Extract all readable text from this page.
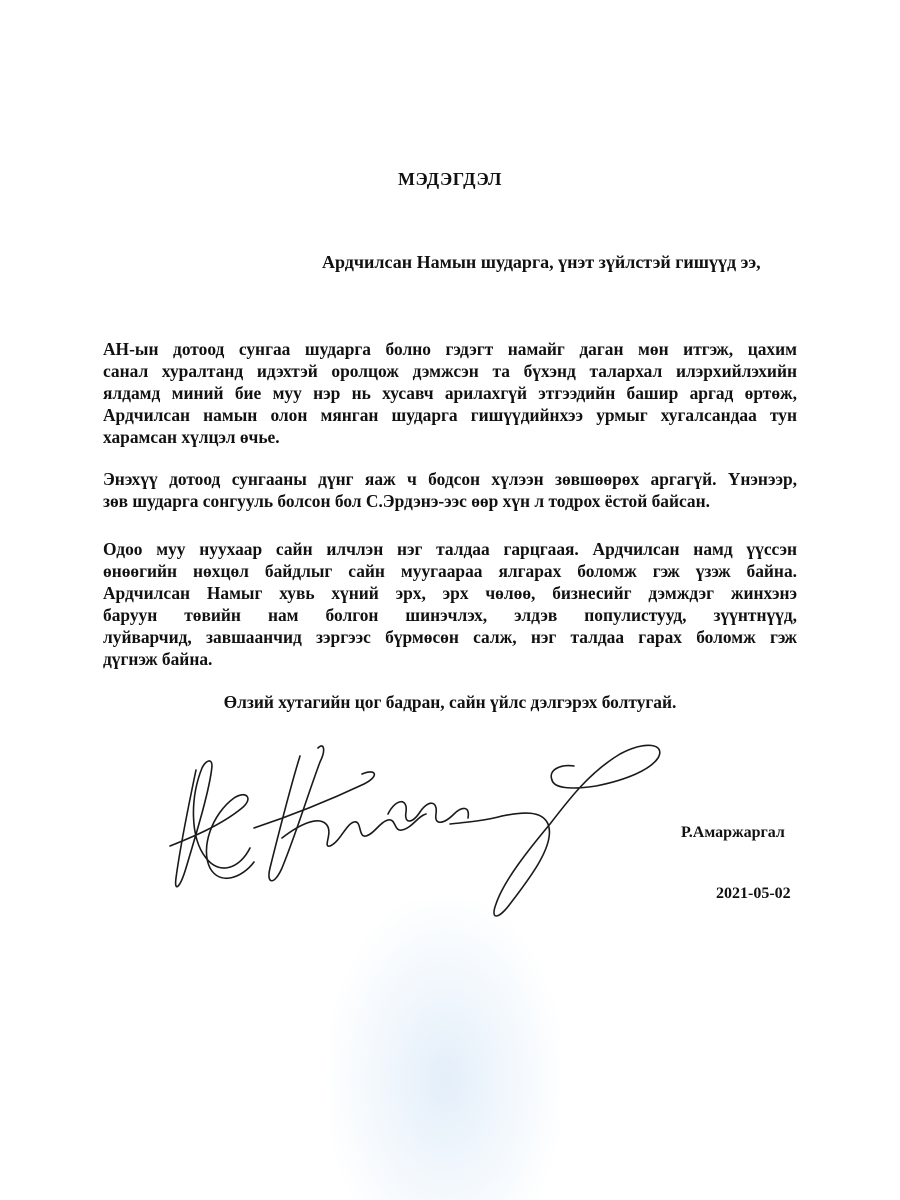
МЭДЭГДЭЛ
Ардчилсан Намын шударга, үнэт зүйлстэй гишүүд ээ,

АН-ын дотоод сунгаа шударга болно гэдэгт намайг даган мөн итгэж, цахим
санал хуралтанд идэхтэй оролцож дэмжсэн та бүхэнд талархал илэрхийлэхийн
ялдамд миний бие муу нэр нь хусавч арилахгүй этгээдийн башир аргад өртөж,
Ардчилсан намын олон мянган шударга гишүүдийнхээ урмыг хугалсандаа тун
харамсан хүлцэл өчье.

Энэхүү дотоод сунгааны дүнг яаж ч бодсон хүлээн зөвшөөрөх аргагүй. Үнэнээр,
зөв шударга сонгууль болсон бол С.Эрдэнэ-ээс өөр хүн л тодрох ёстой байсан.

Одоо муу нуухаар сайн илчлэн нэг талдаа гарцгаая. Ардчилсан намд үүссэн
өнөөгийн нөхцөл байдлыг сайн муугаараа ялгарах боломж гэж үзэж байна.
Ардчилсан Намыг хувь хүний эрх, эрх чөлөө, бизнесийг дэмждэг жинхэнэ
баруун төвийн нам болгон шинэчлэх, элдэв популистууд, зүүнтнүүд,
луйварчид, завшаанчид зэргээс бүрмөсөн салж, нэг талдаа гарах боломж гэж
дүгнэж байна.

Өлзий хутагийн цог бадран, сайн үйлс дэлгэрэх болтугай.
Р.Амаржаргал
2021-05-02
